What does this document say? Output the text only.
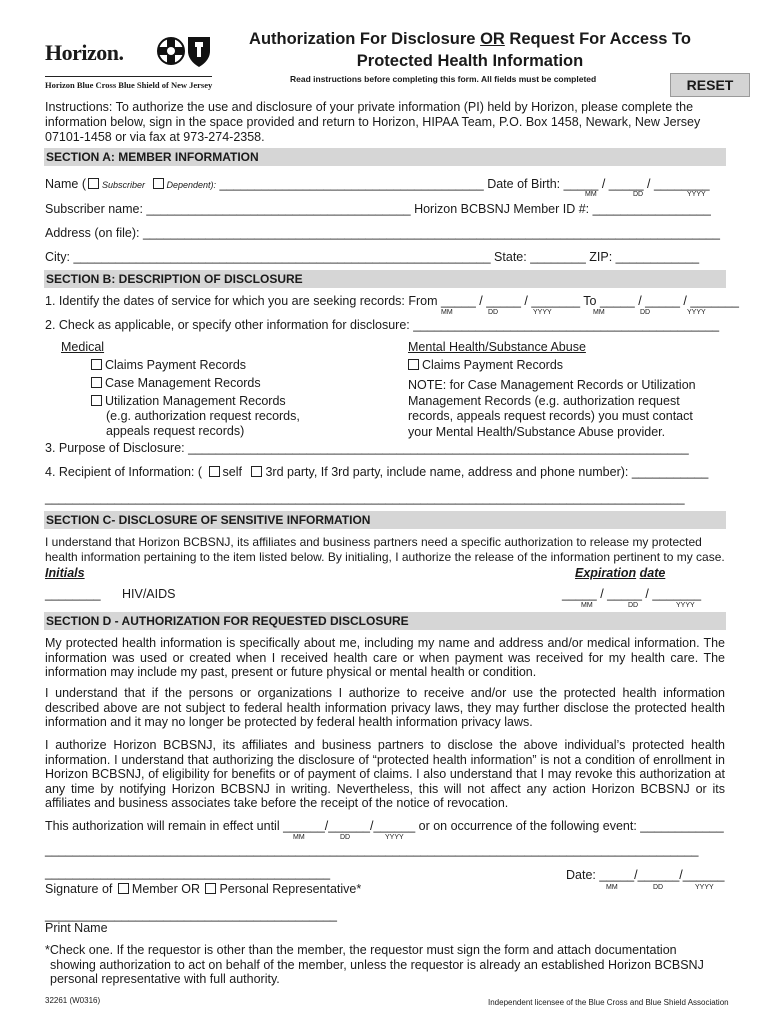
Horizon.
Horizon Blue Cross Blue Shield of New Jersey
Authorization For Disclosure OR Request For Access To
Protected Health Information
Read instructions before completing this form. All fields must be completed	RESET
Instructions: To authorize the use and disclosure of your private information (PI) held by Horizon, please complete the
information below, sign in the space provided and return to Horizon, HIPAA Team, P.O. Box 1458, Newark, New Jersey
07101-1458 or via fax at 973-274-2358.
SECTION A: MEMBER INFORMATION
Name ( Subscriber Dependent): ______________________________________ Date of Birth: _____ / _____ / ________
MM	DD	YYYY
Subscriber name: ______________________________________ Horizon BCBSNJ Member ID #: _________________
Address (on file): ___________________________________________________________________________________
City: ____________________________________________________________ State: ________ ZIP: ____________
SECTION B: DESCRIPTION OF DISCLOSURE
1. Identify the dates of service for which you are seeking records: From _____ / _____ / _______ To _____ / _____ / _______
MM	DD	YYYY	MM	DD	YYYY
2. Check as applicable, or specify other information for disclosure: ____________________________________________
Medical
Claims Payment Records
Case Management Records
Utilization Management Records
(e.g. authorization request records,
appeals request records)
Mental Health/Substance Abuse
Claims Payment Records
NOTE: for Case Management Records or Utilization
Management Records (e.g. authorization request
records, appeals request records) you must contact
your Mental Health/Substance Abuse provider.
3. Purpose of Disclosure: ________________________________________________________________________
4. Recipient of Information: ( self 3rd party, If 3rd party, include name, address and phone number): ___________
____________________________________________________________________________________________
SECTION C- DISCLOSURE OF SENSITIVE INFORMATION
I understand that Horizon BCBSNJ, its affiliates and business partners need a specific authorization to release my protected
health information pertaining to the item listed below. By initialing, I authorize the release of the information pertinent to my case.
Initials	Expiration date
________ HIV/AIDS	_____ / _____ / _______
MM	DD	YYYY
SECTION D - AUTHORIZATION FOR REQUESTED DISCLOSURE
My protected health information is specifically about me, including my name and address and/or medical information. The information was used or created when I received health care or when payment was received for my health care. The information may include my past, present or future physical or mental health or condition.
I understand that if the persons or organizations I authorize to receive and/or use the protected health information described above are not subject to federal health information privacy laws, they may further disclose the protected health information and it may no longer be protected by federal health information privacy laws.
I authorize Horizon BCBSNJ, its affiliates and business partners to disclose the above individual’s protected health information. I understand that authorizing the disclosure of “protected health information” is not a condition of enrollment in Horizon BCBSNJ, of eligibility for benefits or of payment of claims. I also understand that I may revoke this authorization at any time by notifying Horizon BCBSNJ in writing. Nevertheless, this will not affect any action Horizon BCBSNJ or its affiliates and business associates take before the receipt of the notice of revocation.
This authorization will remain in effect until ______/______/______ or on occurrence of the following event: ____________
MM	DD	YYYY
______________________________________________________________________________________________
_________________________________________	Date: _____/______/______
MM	DD	YYYY
Signature of Member OR Personal Representative*
__________________________________________
Print Name
*Check one. If the requestor is other than the member, the requestor must sign the form and attach documentation
showing authorization to act on behalf of the member, unless the requestor is already an established Horizon BCBSNJ
personal representative with full authority.
32261 (W0316)	Independent licensee of the Blue Cross and Blue Shield Association
